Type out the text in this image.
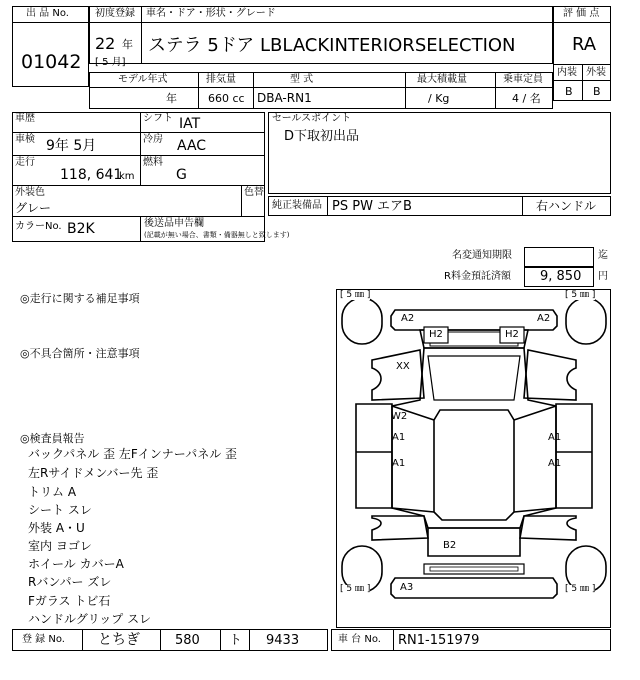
出 品 No.
01042
初度登録 車名・ドア・形状・グレード
22 年
[ 5 月]
ステラ 5ドア LBLACKINTERIORSELECTION
評 価 点
RA
内装 外装
B B
モデル年式	排気量	型 式	最大積載量	乗車定員
年	660 cc DBA-RN1	/ Kg	4 / 名
車歴	シフト IAT
車検 9年 5月	冷房 AAC
走行
118, 641
km
燃料
G
外装色
グレー
色替
カラーNo. B2K	後送品申告欄
(記載が無い場合、書類・備器無しと致します)
セールスポイント
D下取初出品
純正装備品 PS PW エアB	右ハンドル
名変通知期限	迄
R料金預託済額 9, 850 円
◎走行に関する補足事項
◎不具合箇所・注意事項
◎検査員報告
バックパネル 歪 左Fインナーパネル 歪
左Rサイドメンバー先 歪
トリム A
シート スレ
外装 A・U
室内 ヨゴレ
ホイール カバーA
Rバンパー ズレ
Fガラス トビ石
ハンドルグリップ スレ
[ 5 ㎜ ]	[ 5 ㎜ ]
[ 5 ㎜ ]	[ 5 ㎜ ]
A2	A2
H2	H2
XX
W2
A1	A1
A1	A1
B2
A3
登 録 No. とちぎ	580 ト 9433	車 台 No. RN1-151979
